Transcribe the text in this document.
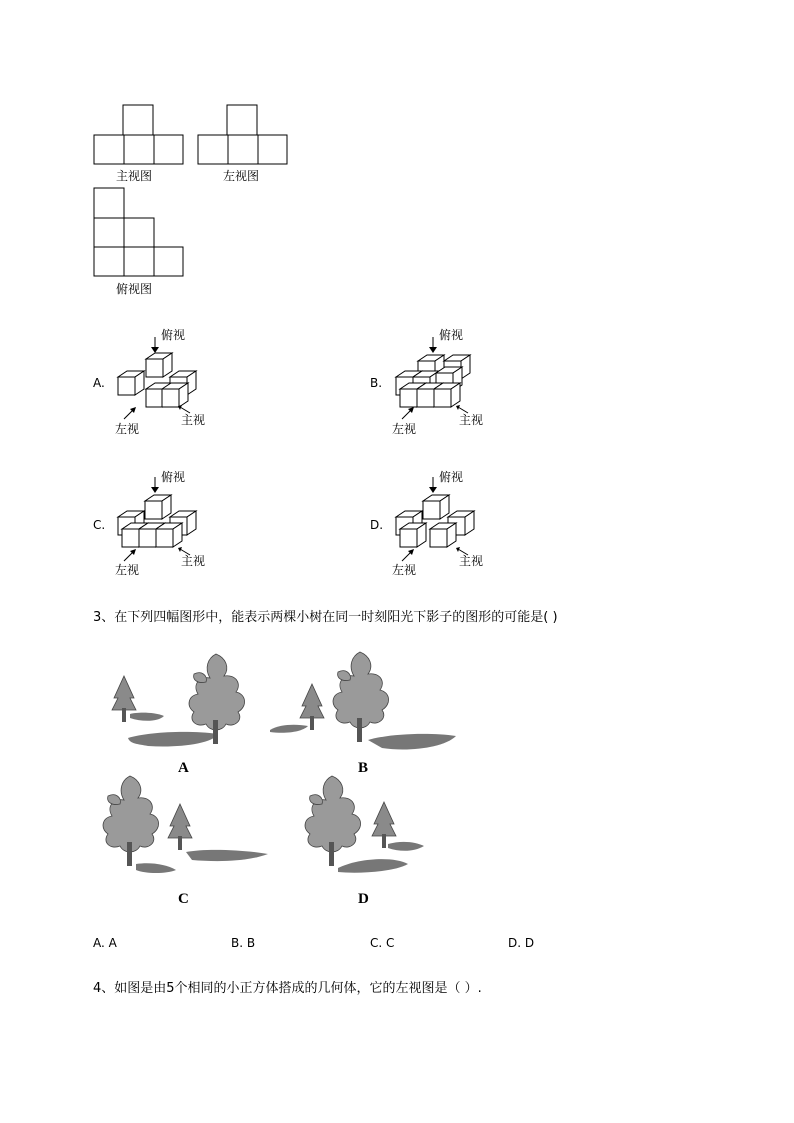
主视图	左视图
俯视图
A.
俯视
主视
左视
B.
俯视
主视
左视
C.
俯视
主视
左视
D.
俯视
主视
左视
3、在下列四幅图形中，能表示两棵小树在同一时刻阳光下影子的图形的可能是( )
A	B
C	D
A. A	B. B	C. C	D. D
4、如图是由5个相同的小正方体搭成的几何体，它的左视图是（ ）.
